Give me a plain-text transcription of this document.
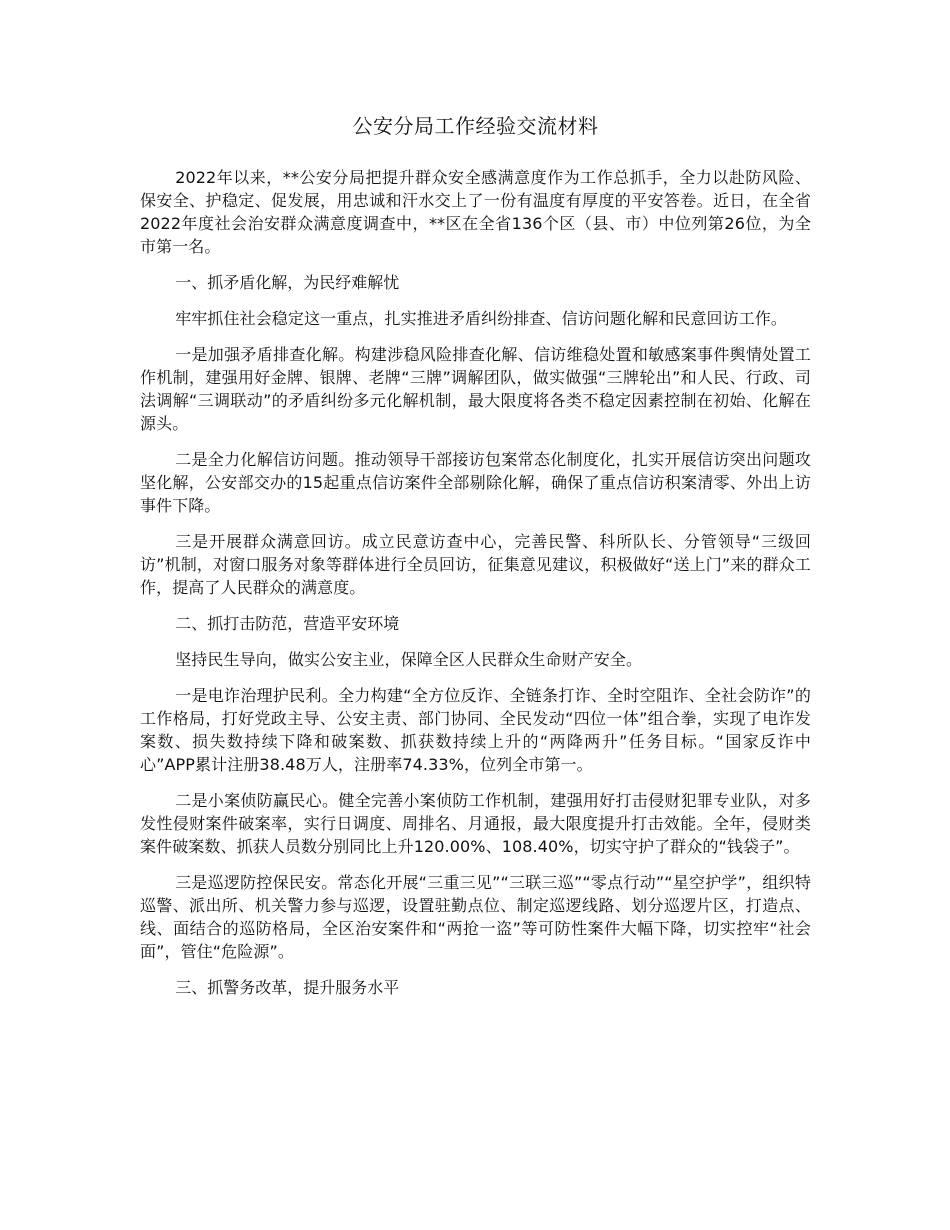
公安分局工作经验交流材料

2022年以来，**公安分局把提升群众安全感满意度作为工作总抓手，全力以赴防风险、保安全、护稳定、促发展，用忠诚和汗水交上了一份有温度有厚度的平安答卷。近日，在全省2022年度社会治安群众满意度调查中，**区在全省136个区（县、市）中位列第26位，为全市第一名。

一、抓矛盾化解，为民纾难解忧

牢牢抓住社会稳定这一重点，扎实推进矛盾纠纷排查、信访问题化解和民意回访工作。

一是加强矛盾排查化解。构建涉稳风险排查化解、信访维稳处置和敏感案事件舆情处置工作机制，建强用好金牌、银牌、老牌“三牌”调解团队，做实做强“三牌轮出”和人民、行政、司法调解“三调联动”的矛盾纠纷多元化解机制，最大限度将各类不稳定因素控制在初始、化解在源头。

二是全力化解信访问题。推动领导干部接访包案常态化制度化，扎实开展信访突出问题攻坚化解，公安部交办的15起重点信访案件全部剔除化解，确保了重点信访积案清零、外出上访事件下降。

三是开展群众满意回访。成立民意访查中心，完善民警、科所队长、分管领导“三级回访”机制，对窗口服务对象等群体进行全员回访，征集意见建议，积极做好“送上门”来的群众工作，提高了人民群众的满意度。

二、抓打击防范，营造平安环境

坚持民生导向，做实公安主业，保障全区人民群众生命财产安全。

一是电诈治理护民利。全力构建“全方位反诈、全链条打诈、全时空阻诈、全社会防诈”的工作格局，打好党政主导、公安主责、部门协同、全民发动“四位一体”组合拳，实现了电诈发案数、损失数持续下降和破案数、抓获数持续上升的“两降两升”任务目标。“国家反诈中心”APP累计注册38.48万人，注册率74.33%，位列全市第一。

二是小案侦防赢民心。健全完善小案侦防工作机制，建强用好打击侵财犯罪专业队，对多发性侵财案件破案率，实行日调度、周排名、月通报，最大限度提升打击效能。全年，侵财类案件破案数、抓获人员数分别同比上升120.00%、108.40%，切实守护了群众的“钱袋子”。

三是巡逻防控保民安。常态化开展“三重三见”“三联三巡”“零点行动”“星空护学”，组织特巡警、派出所、机关警力参与巡逻，设置驻勤点位、制定巡逻线路、划分巡逻片区，打造点、线、面结合的巡防格局，全区治安案件和“两抢一盗”等可防性案件大幅下降，切实控牢“社会面”，管住“危险源”。

三、抓警务改革，提升服务水平
